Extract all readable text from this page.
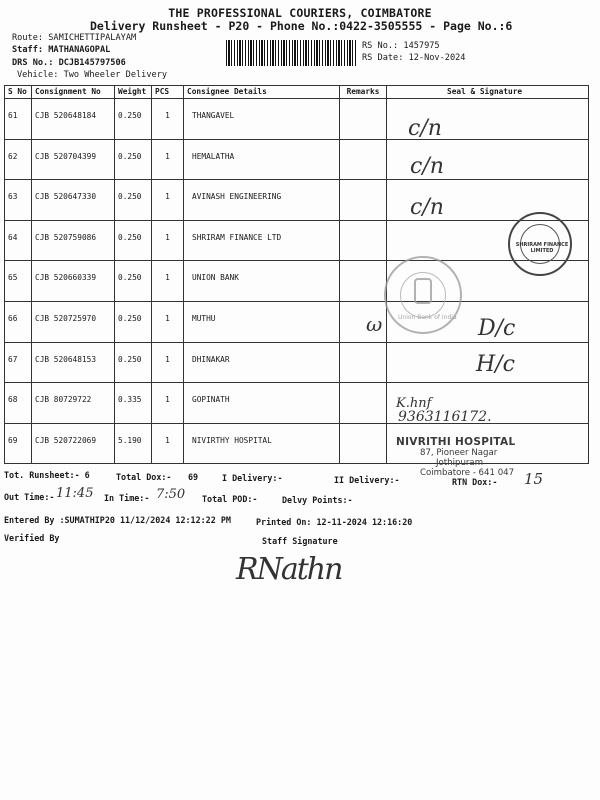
THE PROFESSIONAL COURIERS, COIMBATORE
Delivery Runsheet - P20 - Phone No.:0422-3505555 - Page No.:6
Route: SAMICHETTIPALAYAM
Staff: MATHANAGOPAL
DRS No.: DCJB145797506
Vehicle: Two Wheeler Delivery
RS No.: 1457975
RS Date: 12-Nov-2024
S No	Consignment No	Weight	PCS	Consignee Details	Remarks	Seal & Signature
61	CJB 520648184	0.250	1	THANGAVEL		
62	CJB 520704399	0.250	1	HEMALATHA		
63	CJB 520647330	0.250	1	AVINASH ENGINEERING		
64	CJB 520759086	0.250	1	SHRIRAM FINANCE LTD		
65	CJB 520660339	0.250	1	UNION BANK		
66	CJB 520725970	0.250	1	MUTHU		
67	CJB 520648153	0.250	1	DHINAKAR		
68	CJB 80729722	0.335	1	GOPINATH		
69	CJB 520722069	5.190	1	NIVIRTHY HOSPITAL		
c/n
c/n
c/n
D/c
H/c
K.hnf
9363116172.
Union Bank of India
ω
SHRIRAM FINANCE LIMITED
NIVRITHI HOSPITAL
87, Pioneer Nagar
Jothipuram
Coimbatore - 641 047
Tot. Runsheet:- 6	Total Dox:- 69	I Delivery:-	II Delivery:-	RTN Dox:- 15
Out Time:- 11:45 In Time:- 7:50 Total POD:-	Delvy Points:-
Entered By :SUMATHIP20 11/12/2024 12:12:22 PM	Printed On: 12-11-2024 12:16:20
Verified By	Staff Signature
RNathn
